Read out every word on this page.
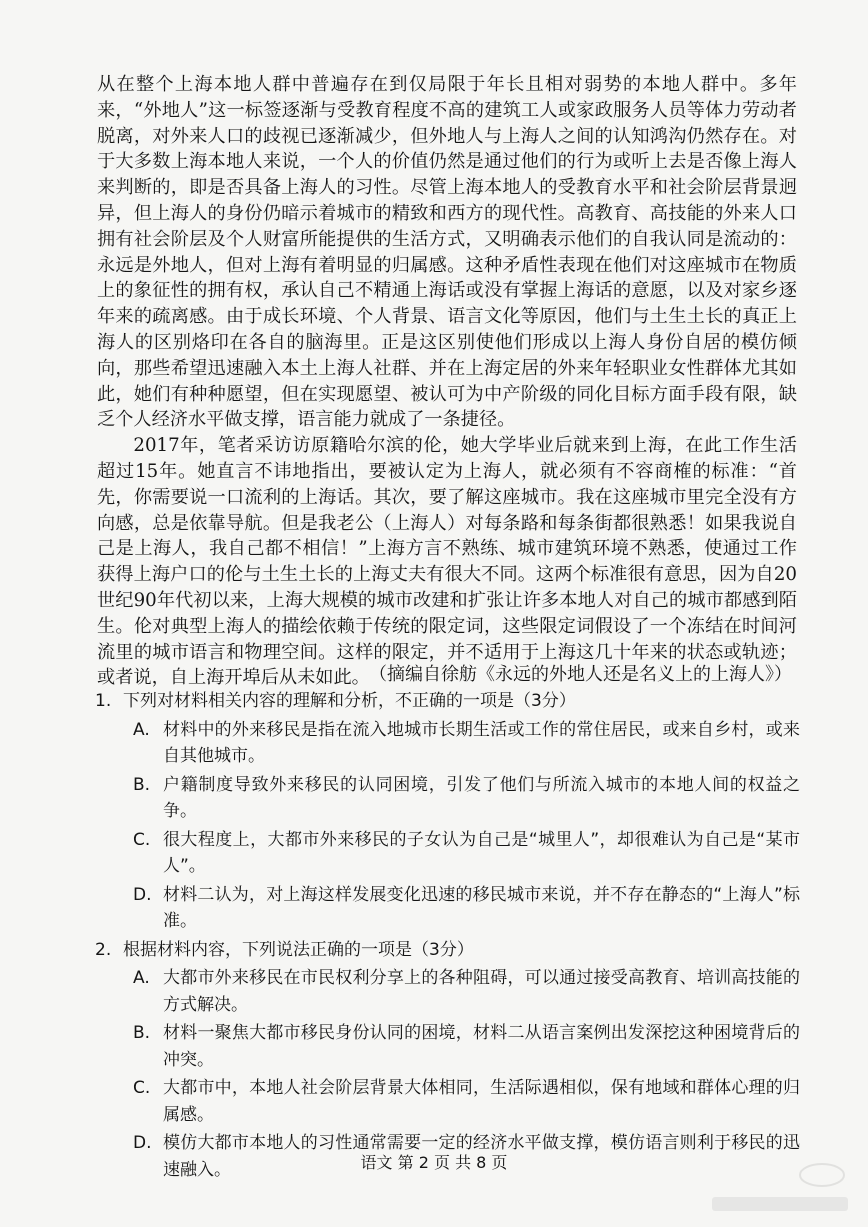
从在整个上海本地人群中普遍存在到仅局限于年长且相对弱势的本地人群中。多年来，“外地人”这一标签逐渐与受教育程度不高的建筑工人或家政服务人员等体力劳动者脱离，对外来人口的歧视已逐渐减少，但外地人与上海人之间的认知鸿沟仍然存在。对于大多数上海本地人来说，一个人的价值仍然是通过他们的行为或听上去是否像上海人来判断的，即是否具备上海人的习性。尽管上海本地人的受教育水平和社会阶层背景迥异，但上海人的身份仍暗示着城市的精致和西方的现代性。高教育、高技能的外来人口拥有社会阶层及个人财富所能提供的生活方式，又明确表示他们的自我认同是流动的：永远是外地人，但对上海有着明显的归属感。这种矛盾性表现在他们对这座城市在物质上的象征性的拥有权，承认自己不精通上海话或没有掌握上海话的意愿，以及对家乡逐年来的疏离感。由于成长环境、个人背景、语言文化等原因，他们与土生土长的真正上海人的区别烙印在各自的脑海里。正是这区别使他们形成以上海人身份自居的模仿倾向，那些希望迅速融入本土上海人社群、并在上海定居的外来年轻职业女性群体尤其如此，她们有种种愿望，但在实现愿望、被认可为中产阶级的同化目标方面手段有限，缺乏个人经济水平做支撑，语言能力就成了一条捷径。

2017年，笔者采访访原籍哈尔滨的伦，她大学毕业后就来到上海，在此工作生活超过15年。她直言不讳地指出，要被认定为上海人，就必须有不容商榷的标准：“首先，你需要说一口流利的上海话。其次，要了解这座城市。我在这座城市里完全没有方向感，总是依靠导航。但是我老公（上海人）对每条路和每条街都很熟悉！如果我说自己是上海人，我自己都不相信！”上海方言不熟练、城市建筑环境不熟悉，使通过工作获得上海户口的伦与土生土长的上海丈夫有很大不同。这两个标准很有意思，因为自20世纪90年代初以来，上海大规模的城市改建和扩张让许多本地人对自己的城市都感到陌生。伦对典型上海人的描绘依赖于传统的限定词，这些限定词假设了一个冻结在时间河流里的城市语言和物理空间。这样的限定，并不适用于上海这几十年来的状态或轨迹；或者说，自上海开埠后从未如此。 （摘编自徐舫《永远的外地人还是名义上的上海人》）
1. 下列对材料相关内容的理解和分析，不正确的一项是（3分）
A. 材料中的外来移民是指在流入地城市长期生活或工作的常住居民，或来自乡村，或来自其他城市。
B. 户籍制度导致外来移民的认同困境，引发了他们与所流入城市的本地人间的权益之争。
C. 很大程度上，大都市外来移民的子女认为自己是“城里人”，却很难认为自己是“某市人”。
D. 材料二认为，对上海这样发展变化迅速的移民城市来说，并不存在静态的“上海人”标准。
2. 根据材料内容，下列说法正确的一项是（3分）
A. 大都市外来移民在市民权利分享上的各种阻碍，可以通过接受高教育、培训高技能的方式解决。
B. 材料一聚焦大都市移民身份认同的困境，材料二从语言案例出发深挖这种困境背后的冲突。
C. 大都市中，本地人社会阶层背景大体相同，生活际遇相似，保有地域和群体心理的归属感。
D. 模仿大都市本地人的习性通常需要一定的经济水平做支撑，模仿语言则利于移民的迅速融入。	语文 第 2 页 共 8 页
